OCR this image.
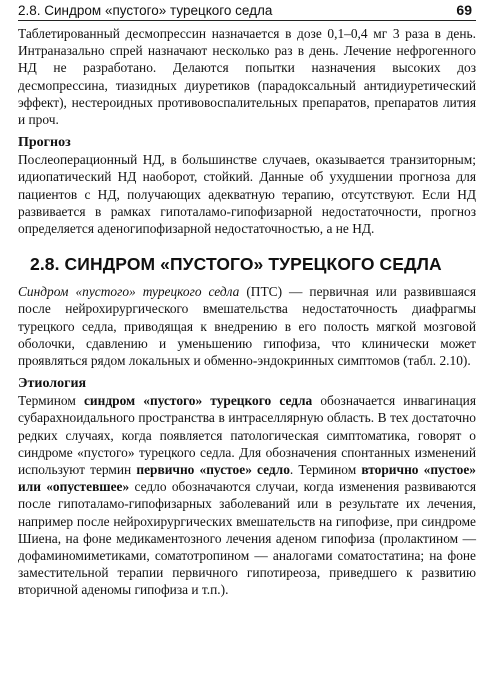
2.8. Синдром «пустого» турецкого седла	69

Таблетированный десмопрессин назначается в дозе 0,1–0,4 мг 3 раза в день. Интраназально спрей назначают несколько раз в день. Лечение нефрогенного НД не разработано. Делаются попытки назначения высоких доз десмопрессина, тиазидных диуретиков (парадоксальный антидиуретический эффект), нестероидных противовоспалительных препаратов, препаратов лития и проч.

Прогноз

Послеоперационный НД, в большинстве случаев, оказывается транзиторным; идиопатический НД наоборот, стойкий. Данные об ухудшении прогноза для пациентов с НД, получающих адекватную терапию, отсутствуют. Если НД развивается в рамках гипоталамо-гипофизарной недостаточности, прогноз определяется аденогипофизарной недостаточностью, а не НД.

2.8. СИНДРОМ «ПУСТОГО» ТУРЕЦКОГО СЕДЛА

Синдром «пустого» турецкого седла (ПТС) — первичная или развившаяся после нейрохирургического вмешательства недостаточность диафрагмы турецкого седла, приводящая к внедрению в его полость мягкой мозговой оболочки, сдавлению и уменьшению гипофиза, что клинически может проявляться рядом локальных и обменно-эндокринных симптомов (табл. 2.10).

Этиология

Термином синдром «пустого» турецкого седла обозначается инвагинация субарахноидального пространства в интраселлярную область. В тех достаточно редких случаях, когда появляется патологическая симптоматика, говорят о синдроме «пустого» турецкого седла. Для обозначения спонтанных изменений используют термин первично «пустое» седло. Термином вторично «пустое» или «опустевшее» седло обозначаются случаи, когда изменения развиваются после гипоталамо-гипофизарных заболеваний или в результате их лечения, например после нейрохирургических вмешательств на гипофизе, при синдроме Шиена, на фоне медикаментозного лечения аденом гипофиза (пролактином — дофаминомиметиками, соматотропином — аналогами соматостатина; на фоне заместительной терапии первичного гипотиреоза, приведшего к развитию вторичной аденомы гипофиза и т.п.).
